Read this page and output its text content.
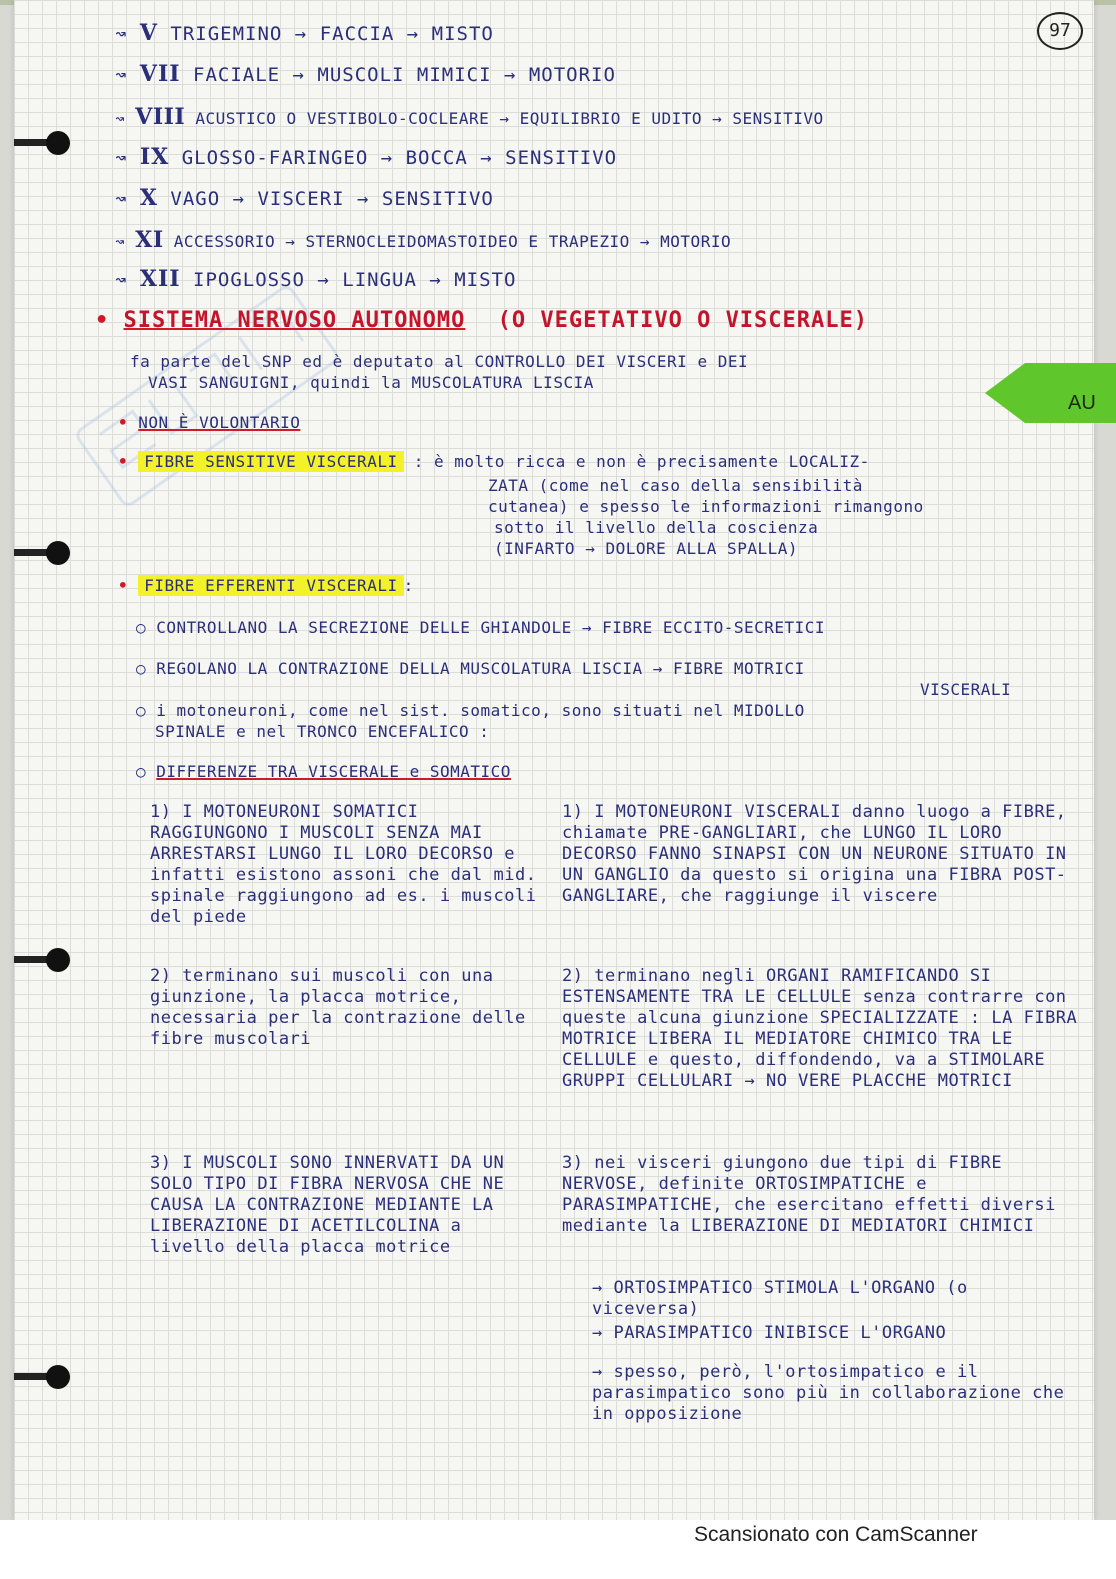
97
AU
↝ V TRIGEMINO → FACCIA → MISTO
↝ VII FACIALE → MUSCOLI MIMICI → MOTORIO
↝ VIII ACUSTICO O VESTIBOLO-COCLEARE → EQUILIBRIO E UDITO → SENSITIVO
↝ IX GLOSSO-FARINGEO → BOCCA → SENSITIVO
↝ X VAGO → VISCERI → SENSITIVO
↝ XI ACCESSORIO → STERNOCLEIDOMASTOIDEO E TRAPEZIO → MOTORIO
↝ XII IPOGLOSSO → LINGUA → MISTO
• SISTEMA NERVOSO AUTONOMO (O VEGETATIVO O VISCERALE)
fa parte del SNP ed è deputato al CONTROLLO DEI VISCERI e DEI
VASI SANGUIGNI, quindi la MUSCOLATURA LISCIA
• NON È VOLONTARIO
• FIBRE SENSITIVE VISCERALI : è molto ricca e non è precisamente LOCALIZ-
ZATA (come nel caso della sensibilità
cutanea) e spesso le informazioni rimangono
sotto il livello della coscienza
(INFARTO → DOLORE ALLA SPALLA)
• FIBRE EFFERENTI VISCERALI :
○ CONTROLLANO LA SECREZIONE DELLE GHIANDOLE → FIBRE ECCITO-SECRETICI
○ REGOLANO LA CONTRAZIONE DELLA MUSCOLATURA LISCIA → FIBRE MOTRICI
VISCERALI
○ i motoneuroni, come nel sist. somatico, sono situati nel MIDOLLO
SPINALE e nel TRONCO ENCEFALICO :
○ DIFFERENZE TRA VISCERALE e SOMATICO
1) I MOTONEURONI SOMATICI RAGGIUNGONO I MUSCOLI SENZA MAI ARRESTARSI LUNGO IL LORO DECORSO e infatti esistono assoni che dal mid. spinale raggiungono ad es. i muscoli del piede
2) terminano sui muscoli con una giunzione, la placca motrice, necessaria per la contrazione delle fibre muscolari
3) I MUSCOLI SONO INNERVATI DA UN SOLO TIPO DI FIBRA NERVOSA CHE NE CAUSA LA CONTRAZIONE MEDIANTE LA LIBERAZIONE DI ACETILCOLINA a livello della placca motrice
1) I MOTONEURONI VISCERALI danno luogo a FIBRE, chiamate PRE-GANGLIARI, che LUNGO IL LORO DECORSO FANNO SINAPSI CON UN NEURONE SITUATO IN UN GANGLIO da questo si origina una FIBRA POST-GANGLIARE, che raggiunge il viscere
2) terminano negli ORGANI RAMIFICANDO SI ESTENSAMENTE TRA LE CELLULE senza contrarre con queste alcuna giunzione SPECIALIZZATE : LA FIBRA MOTRICE LIBERA IL MEDIATORE CHIMICO TRA LE CELLULE e questo, diffondendo, va a STIMOLARE GRUPPI CELLULARI → NO VERE PLACCHE MOTRICI
3) nei visceri giungono due tipi di FIBRE NERVOSE, definite ORTOSIMPATICHE e PARASIMPATICHE, che esercitano effetti diversi mediante la LIBERAZIONE DI MEDIATORI CHIMICI
→ ORTOSIMPATICO STIMOLA L'ORGANO (o viceversa)
→ PARASIMPATICO INIBISCE L'ORGANO
→ spesso, però, l'ortosimpatico e il parasimpatico sono più in collaborazione che in opposizione
Scansionato con CamScanner
